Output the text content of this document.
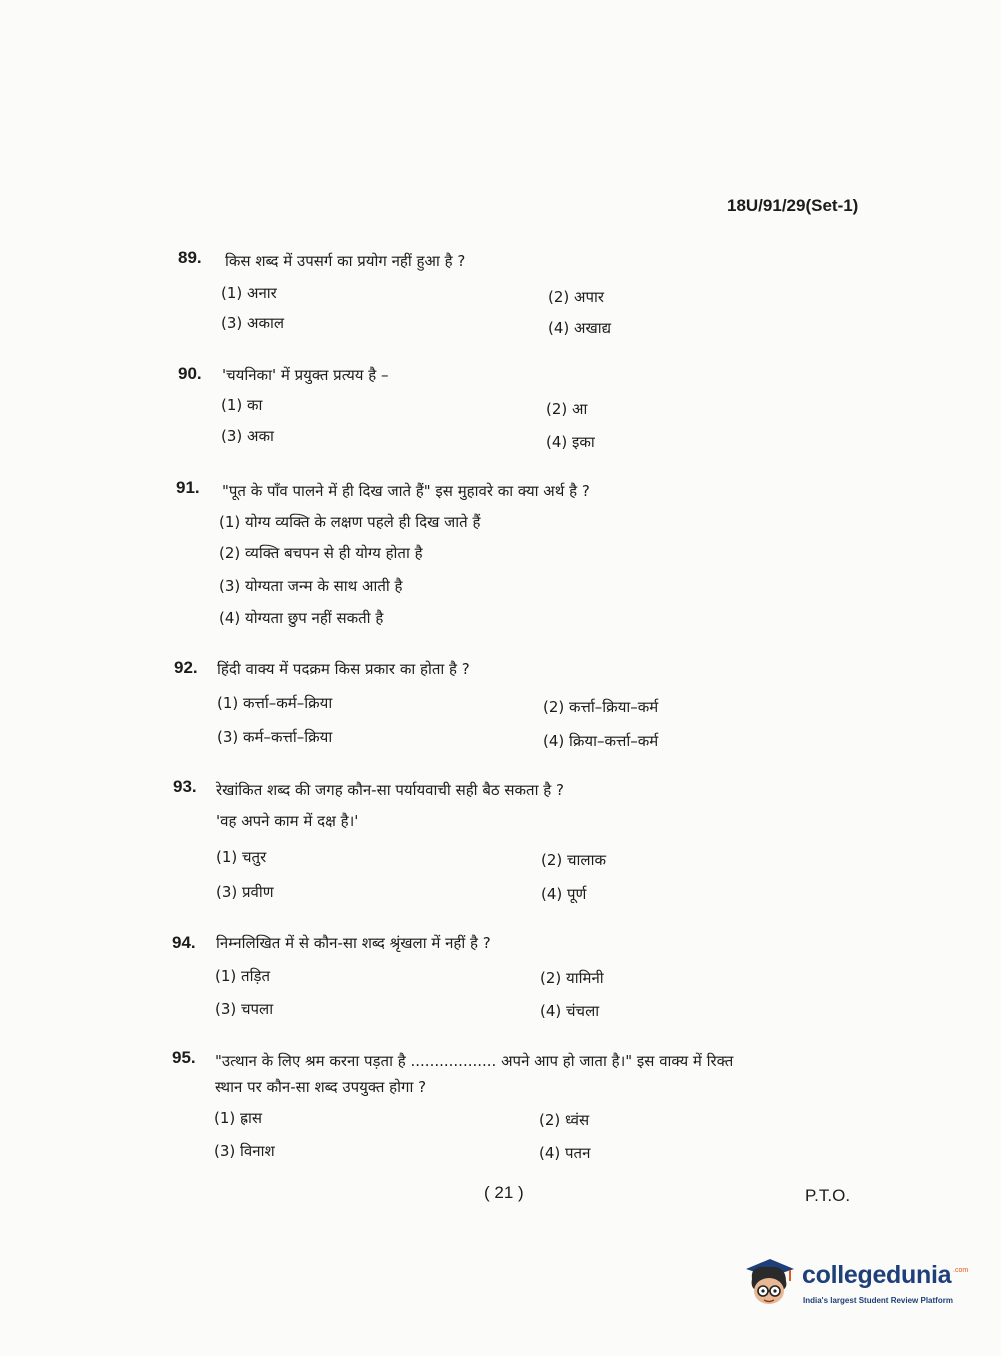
18U/91/29(Set-1)
89. किस शब्द में उपसर्ग का प्रयोग नहीं हुआ है ?
(1) अनार	(2) अपार
(3) अकाल	(4) अखाद्य
90. 'चयनिका' में प्रयुक्त प्रत्यय है –
(1) का	(2) आ
(3) अका	(4) इका
91. "पूत के पाँव पालने में ही दिख जाते हैं" इस मुहावरे का क्या अर्थ है ?
(1) योग्य व्यक्ति के लक्षण पहले ही दिख जाते हैं
(2) व्यक्ति बचपन से ही योग्य होता है
(3) योग्यता जन्म के साथ आती है
(4) योग्यता छुप नहीं सकती है
92. हिंदी वाक्य में पदक्रम किस प्रकार का होता है ?
(1) कर्त्ता–कर्म–क्रिया	(2) कर्त्ता–क्रिया–कर्म
(3) कर्म–कर्त्ता–क्रिया	(4) क्रिया–कर्त्ता–कर्म
93. रेखांकित शब्द की जगह कौन-सा पर्यायवाची सही बैठ सकता है ?
'वह अपने काम में दक्ष है।'
(1) चतुर	(2) चालाक
(3) प्रवीण	(4) पूर्ण
94. निम्नलिखित में से कौन-सा शब्द श्रृंखला में नहीं है ?
(1) तड़ित	(2) यामिनी
(3) चपला	(4) चंचला
95. "उत्थान के लिए श्रम करना पड़ता है .................. अपने आप हो जाता है।" इस वाक्य में रिक्त
स्थान पर कौन-सा शब्द उपयुक्त होगा ?
(1) ह्रास	(2) ध्वंस
(3) विनाश	(4) पतन
( 21 )	P.T.O.
collegedunia .com
India's largest Student Review Platform
